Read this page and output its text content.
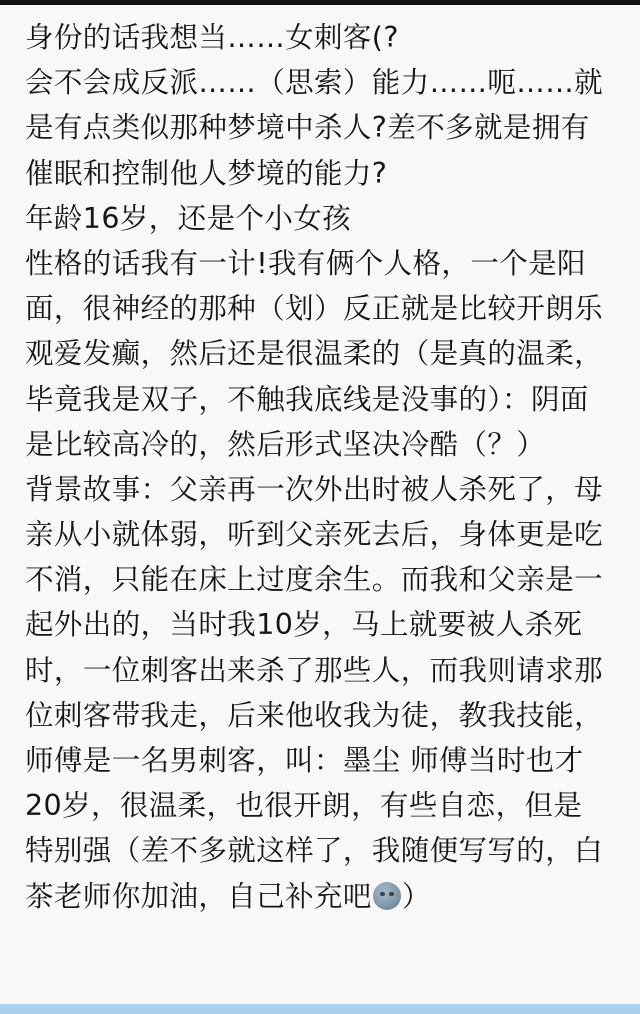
身份的话我想当……女刺客(?
会不会成反派……（思索）能力……呃……就
是有点类似那种梦境中杀人?差不多就是拥有
催眠和控制他人梦境的能力?
年龄16岁，还是个小女孩
性格的话我有一计!我有俩个人格，一个是阳
面，很神经的那种（划）反正就是比较开朗乐
观爱发癫，然后还是很温柔的（是真的温柔，
毕竟我是双子，不触我底线是没事的）：阴面
是比较高冷的，然后形式坚决冷酷（？）
背景故事：父亲再一次外出时被人杀死了，母
亲从小就体弱，听到父亲死去后，身体更是吃
不消，只能在床上过度余生。而我和父亲是一
起外出的，当时我10岁，马上就要被人杀死
时，一位刺客出来杀了那些人，而我则请求那
位刺客带我走，后来他收我为徒，教我技能，
师傅是一名男刺客，叫：墨尘 师傅当时也才
20岁，很温柔，也很开朗，有些自恋，但是
特别强（差不多就这样了，我随便写写的，白
茶老师你加油，自己补充吧 ）
